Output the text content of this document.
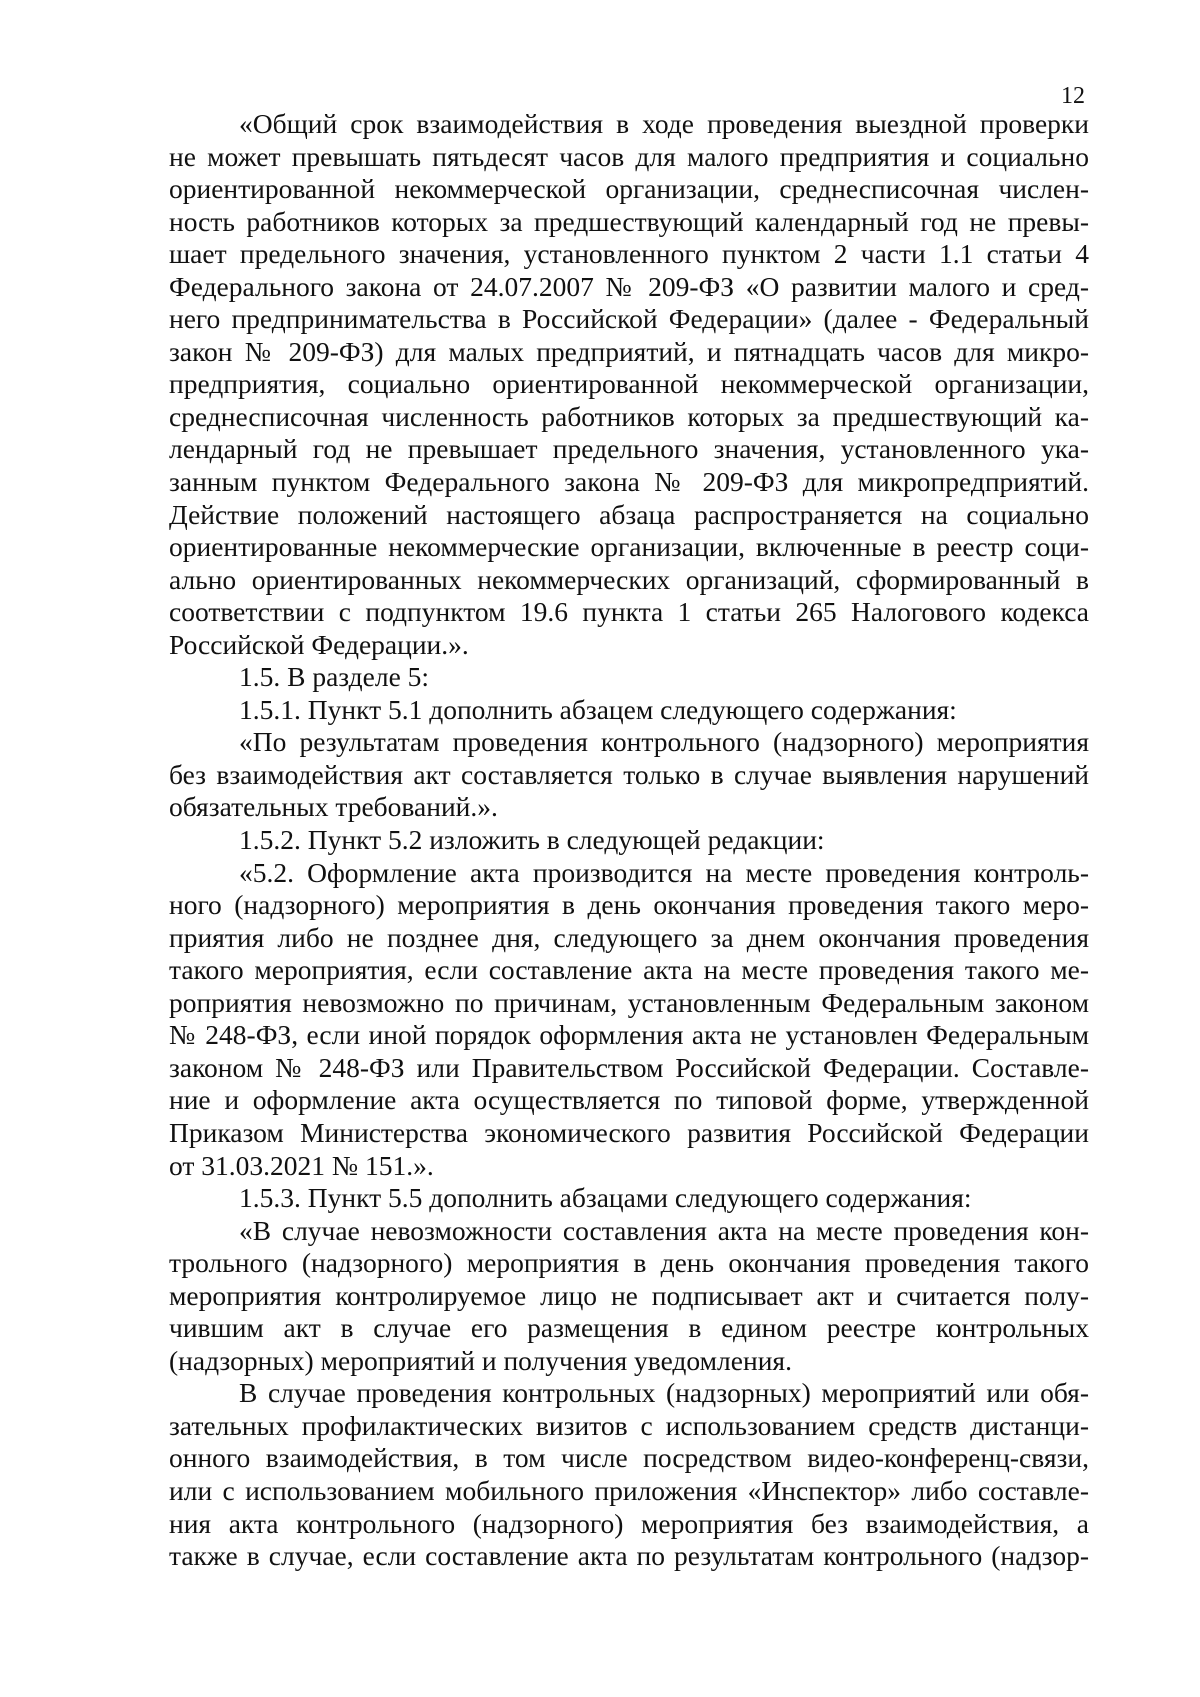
12
«Общий срок взаимодействия в ходе проведения выездной проверки
не может превышать пятьдесят часов для малого предприятия и социально
ориентированной некоммерческой организации, среднесписочная числен-
ность работников которых за предшествующий календарный год не превы-
шает предельного значения, установленного пунктом 2 части 1.1 статьи 4
Федерального закона от 24.07.2007 № 209-ФЗ «О развитии малого и сред-
него предпринимательства в Российской Федерации» (далее - Федеральный
закон № 209-ФЗ) для малых предприятий, и пятнадцать часов для микро-
предприятия, социально ориентированной некоммерческой организации,
среднесписочная численность работников которых за предшествующий ка-
лендарный год не превышает предельного значения, установленного ука-
занным пунктом Федерального закона № 209-ФЗ для микропредприятий.
Действие положений настоящего абзаца распространяется на социально
ориентированные некоммерческие организации, включенные в реестр соци-
ально ориентированных некоммерческих организаций, сформированный в
соответствии с подпунктом 19.6 пункта 1 статьи 265 Налогового кодекса
Российской Федерации.».
1.5. В разделе 5:
1.5.1. Пункт 5.1 дополнить абзацем следующего содержания:
«По результатам проведения контрольного (надзорного) мероприятия
без взаимодействия акт составляется только в случае выявления нарушений
обязательных требований.».
1.5.2. Пункт 5.2 изложить в следующей редакции:
«5.2. Оформление акта производится на месте проведения контроль-
ного (надзорного) мероприятия в день окончания проведения такого меро-
приятия либо не позднее дня, следующего за днем окончания проведения
такого мероприятия, если составление акта на месте проведения такого ме-
роприятия невозможно по причинам, установленным Федеральным законом
№ 248-ФЗ, если иной порядок оформления акта не установлен Федеральным
законом № 248-ФЗ или Правительством Российской Федерации. Составле-
ние и оформление акта осуществляется по типовой форме, утвержденной
Приказом Министерства экономического развития Российской Федерации
от 31.03.2021 № 151.».
1.5.3. Пункт 5.5 дополнить абзацами следующего содержания:
«В случае невозможности составления акта на месте проведения кон-
трольного (надзорного) мероприятия в день окончания проведения такого
мероприятия контролируемое лицо не подписывает акт и считается полу-
чившим акт в случае его размещения в едином реестре контрольных
(надзорных) мероприятий и получения уведомления.
В случае проведения контрольных (надзорных) мероприятий или обя-
зательных профилактических визитов с использованием средств дистанци-
онного взаимодействия, в том числе посредством видео-конференц-связи,
или с использованием мобильного приложения «Инспектор» либо составле-
ния акта контрольного (надзорного) мероприятия без взаимодействия, а
также в случае, если составление акта по результатам контрольного (надзор-
